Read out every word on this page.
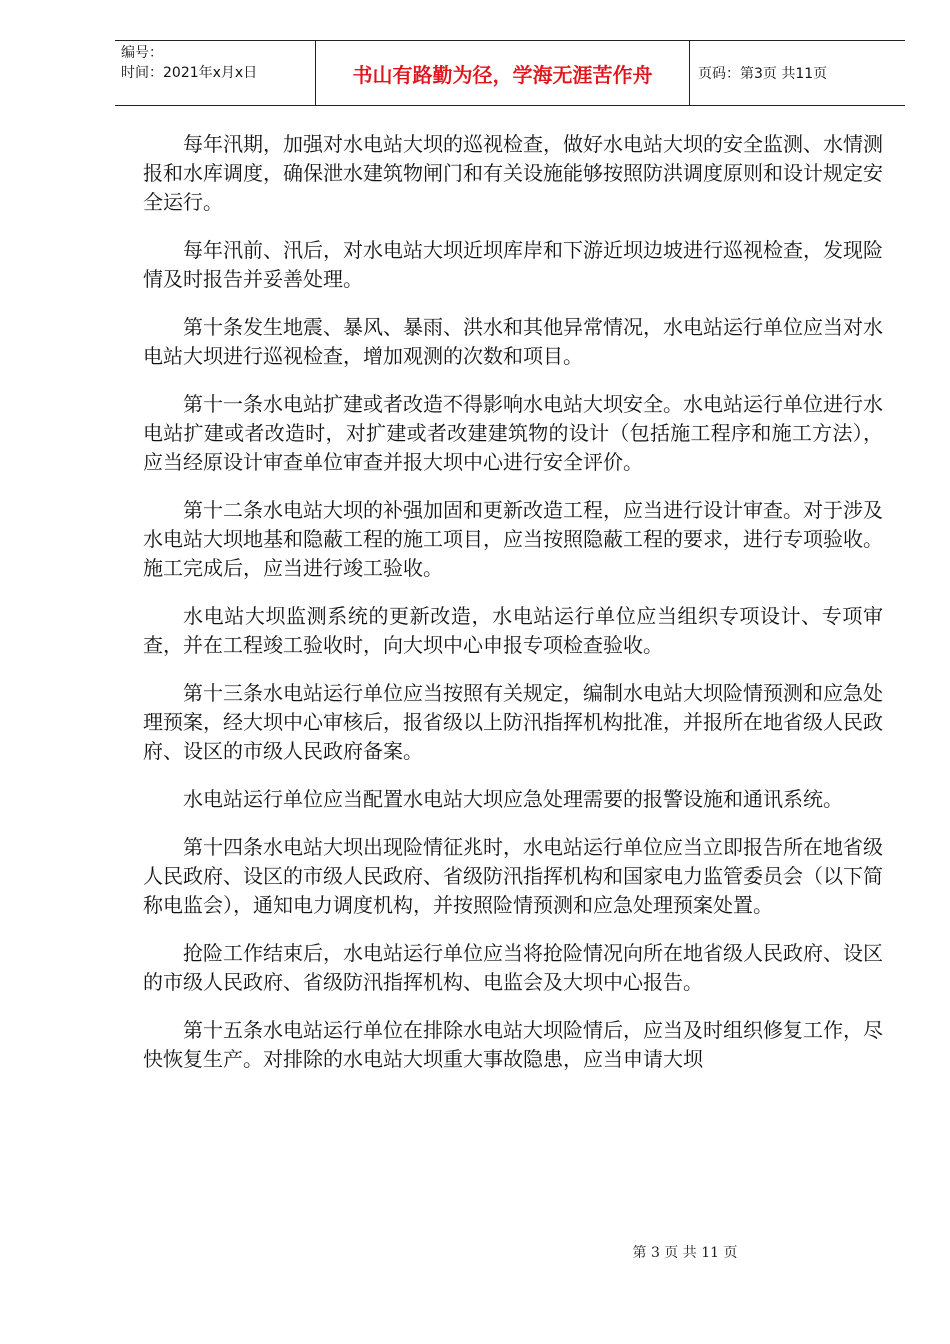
编号：
时间：2021年x月x日	书山有路勤为径，学海无涯苦作舟	页码：第3页 共11页

每年汛期，加强对水电站大坝的巡视检查，做好水电站大坝的安全监测、水情测报和水库调度，确保泄水建筑物闸门和有关设施能够按照防洪调度原则和设计规定安全运行。

每年汛前、汛后，对水电站大坝近坝库岸和下游近坝边坡进行巡视检查，发现险情及时报告并妥善处理。

第十条发生地震、暴风、暴雨、洪水和其他异常情况，水电站运行单位应当对水电站大坝进行巡视检查，增加观测的次数和项目。

第十一条水电站扩建或者改造不得影响水电站大坝安全。水电站运行单位进行水电站扩建或者改造时，对扩建或者改建建筑物的设计（包括施工程序和施工方法），应当经原设计审查单位审查并报大坝中心进行安全评价。

第十二条水电站大坝的补强加固和更新改造工程，应当进行设计审查。对于涉及水电站大坝地基和隐蔽工程的施工项目，应当按照隐蔽工程的要求，进行专项验收。施工完成后，应当进行竣工验收。

水电站大坝监测系统的更新改造，水电站运行单位应当组织专项设计、专项审查，并在工程竣工验收时，向大坝中心申报专项检查验收。

第十三条水电站运行单位应当按照有关规定，编制水电站大坝险情预测和应急处理预案，经大坝中心审核后，报省级以上防汛指挥机构批准，并报所在地省级人民政府、设区的市级人民政府备案。

水电站运行单位应当配置水电站大坝应急处理需要的报警设施和通讯系统。

第十四条水电站大坝出现险情征兆时，水电站运行单位应当立即报告所在地省级人民政府、设区的市级人民政府、省级防汛指挥机构和国家电力监管委员会（以下简称电监会），通知电力调度机构，并按照险情预测和应急处理预案处置。

抢险工作结束后，水电站运行单位应当将抢险情况向所在地省级人民政府、设区的市级人民政府、省级防汛指挥机构、电监会及大坝中心报告。

第十五条水电站运行单位在排除水电站大坝险情后，应当及时组织修复工作，尽快恢复生产。对排除的水电站大坝重大事故隐患，应当申请大坝

第 3 页 共 11 页
